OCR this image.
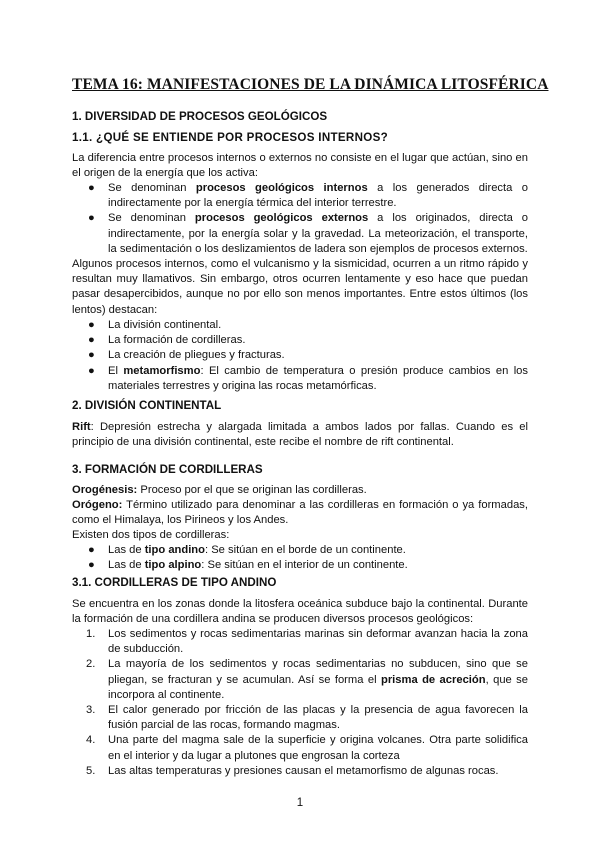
TEMA 16: MANIFESTACIONES DE LA DINÁMICA LITOSFÉRICA
1. DIVERSIDAD DE PROCESOS GEOLÓGICOS
1.1. ¿QUÉ SE ENTIENDE POR PROCESOS INTERNOS?
La diferencia entre procesos internos o externos no consiste en el lugar que actúan, sino en el origen de la energía que los activa:
● Se denominan procesos geológicos internos a los generados directa o indirectamente por la energía térmica del interior terrestre.
● Se denominan procesos geológicos externos a los originados, directa o indirectamente, por la energía solar y la gravedad. La meteorización, el transporte, la sedimentación o los deslizamientos de ladera son ejemplos de procesos externos.
Algunos procesos internos, como el vulcanismo y la sismicidad, ocurren a un ritmo rápido y resultan muy llamativos. Sin embargo, otros ocurren lentamente y eso hace que puedan pasar desapercibidos, aunque no por ello son menos importantes. Entre estos últimos (los lentos) destacan:
● La división continental.
● La formación de cordilleras.
● La creación de pliegues y fracturas.
● El metamorfismo: El cambio de temperatura o presión produce cambios en los materiales terrestres y origina las rocas metamórficas.
2. DIVISIÓN CONTINENTAL
Rift: Depresión estrecha y alargada limitada a ambos lados por fallas. Cuando es el principio de una división continental, este recibe el nombre de rift continental.
3. FORMACIÓN DE CORDILLERAS
Orogénesis: Proceso por el que se originan las cordilleras.
Orógeno: Término utilizado para denominar a las cordilleras en formación o ya formadas, como el Himalaya, los Pirineos y los Andes.
Existen dos tipos de cordilleras:
● Las de tipo andino: Se sitúan en el borde de un continente.
● Las de tipo alpino: Se sitúan en el interior de un continente.
3.1. CORDILLERAS DE TIPO ANDINO
Se encuentra en los zonas donde la litosfera oceánica subduce bajo la continental. Durante la formación de una cordillera andina se producen diversos procesos geológicos:
1. Los sedimentos y rocas sedimentarias marinas sin deformar avanzan hacia la zona de subducción.
2. La mayoría de los sedimentos y rocas sedimentarias no subducen, sino que se pliegan, se fracturan y se acumulan. Así se forma el prisma de acreción, que se incorpora al continente.
3. El calor generado por fricción de las placas y la presencia de agua favorecen la fusión parcial de las rocas, formando magmas.
4. Una parte del magma sale de la superficie y origina volcanes. Otra parte solidifica en el interior y da lugar a plutones que engrosan la corteza
5. Las altas temperaturas y presiones causan el metamorfismo de algunas rocas.
1
